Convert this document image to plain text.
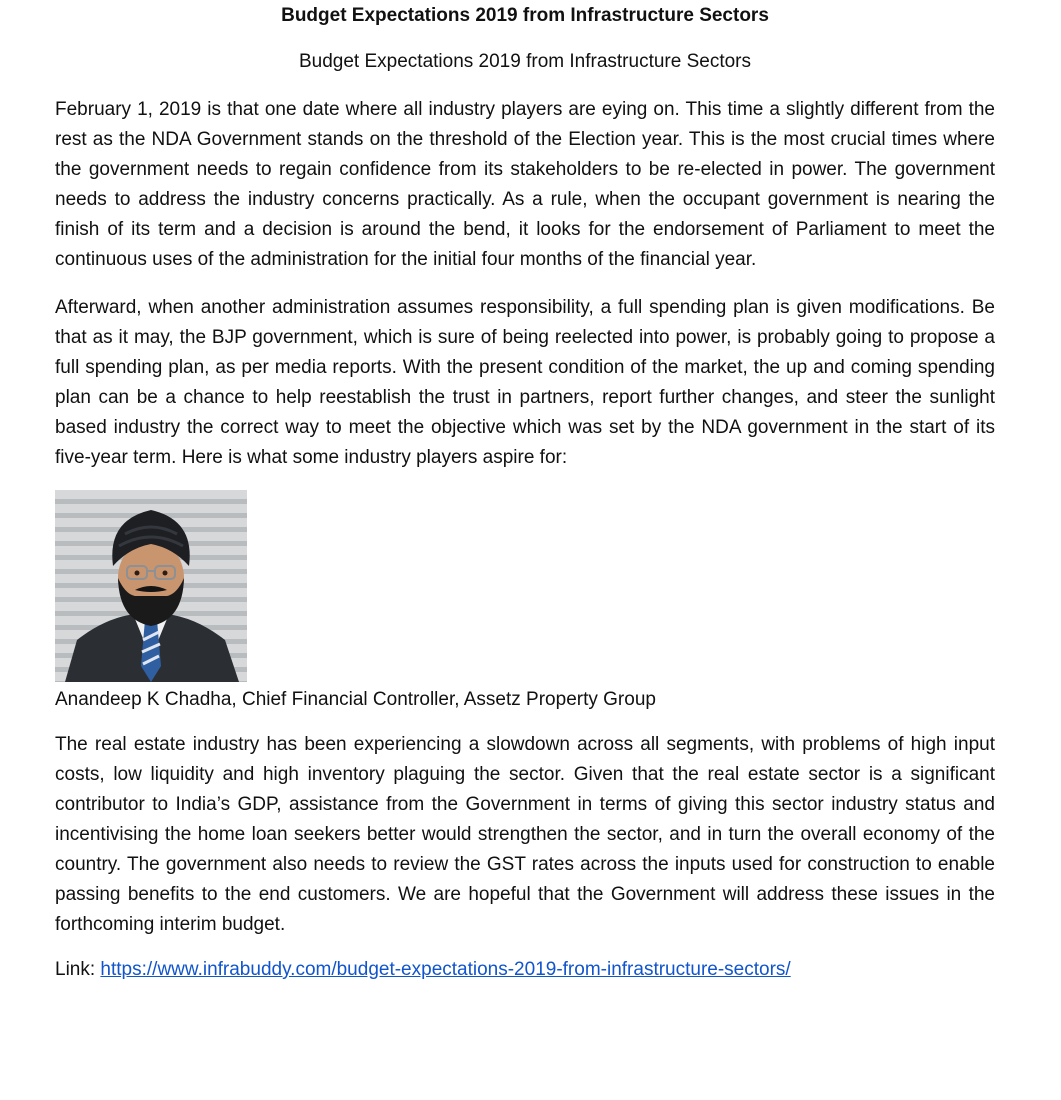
Budget Expectations 2019 from Infrastructure Sectors

Budget Expectations 2019 from Infrastructure Sectors

February 1, 2019 is that one date where all industry players are eying on. This time a slightly different from the rest as the NDA Government stands on the threshold of the Election year. This is the most crucial times where the government needs to regain confidence from its stakeholders to be re-elected in power. The government needs to address the industry concerns practically. As a rule, when the occupant government is nearing the finish of its term and a decision is around the bend, it looks for the endorsement of Parliament to meet the continuous uses of the administration for the initial four months of the financial year.

Afterward, when another administration assumes responsibility, a full spending plan is given modifications. Be that as it may, the BJP government, which is sure of being reelected into power, is probably going to propose a full spending plan, as per media reports. With the present condition of the market, the up and coming spending plan can be a chance to help reestablish the trust in partners, report further changes, and steer the sunlight based industry the correct way to meet the objective which was set by the NDA government in the start of its five-year term. Here is what some industry players aspire for:

Anandeep K Chadha, Chief Financial Controller, Assetz Property Group

The real estate industry has been experiencing a slowdown across all segments, with problems of high input costs, low liquidity and high inventory plaguing the sector. Given that the real estate sector is a significant contributor to India’s GDP, assistance from the Government in terms of giving this sector industry status and incentivising the home loan seekers better would strengthen the sector, and in turn the overall economy of the country. The government also needs to review the GST rates across the inputs used for construction to enable passing benefits to the end customers. We are hopeful that the Government will address these issues in the forthcoming interim budget.

Link: https://www.infrabuddy.com/budget-expectations-2019-from-infrastructure-sectors/
